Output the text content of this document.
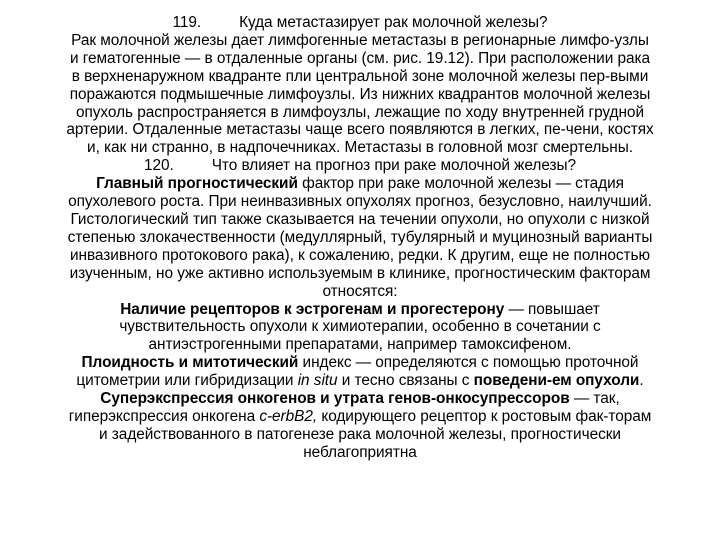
119. Куда метастазирует рак молочной железы?
Рак молочной железы дает лимфогенные метастазы в регионарные лимфо-узлы
и гематогенные — в отдаленные органы (см. рис. 19.12). При расположении рака
в верхненаружном квадранте пли центральной зоне молочной железы пер-выми
поражаются подмышечные лимфоузлы. Из нижних квадрантов молочной железы
опухоль распространяется в лимфоузлы, лежащие по ходу внутренней грудной
артерии. Отдаленные метастазы чаще всего появляются в легких, пе-чени, костях
и, как ни странно, в надпочечниках. Метастазы в головной мозг смертельны.
120. Что влияет на прогноз при раке молочной железы?
Главный прогностический фактор при раке молочной железы — стадия
опухолевого роста. При неинвазивных опухолях прогноз, безусловно, наилучший.
Гистологический тип также сказывается на течении опухоли, но опухоли с низкой
степенью злокачественности (медуллярный, тубулярный и муцинозный варианты
инвазивного протокового рака), к сожалению, редки. К другим, еще не полностью
изученным, но уже активно используемым в клинике, прогностическим факторам
относятся:
Наличие рецепторов к эстрогенам и прогестерону — повышает
чувствительность опухоли к химиотерапии, особенно в сочетании с
антиэстрогенными препаратами, например тамоксифеном.
Плоидность и митотический индекс — определяются с помощью проточной
цитометрии или гибридизации in situ и тесно связаны с поведени-ем опухоли.
Суперэкспрессия онкогенов и утрата генов-онкосупрессоров — так,
гиперэкспрессия онкогена c-erbB2, кодирующего рецептор к ростовым фак-торам
и задействованного в патогенезе рака молочной железы, прогностически
неблагоприятна
